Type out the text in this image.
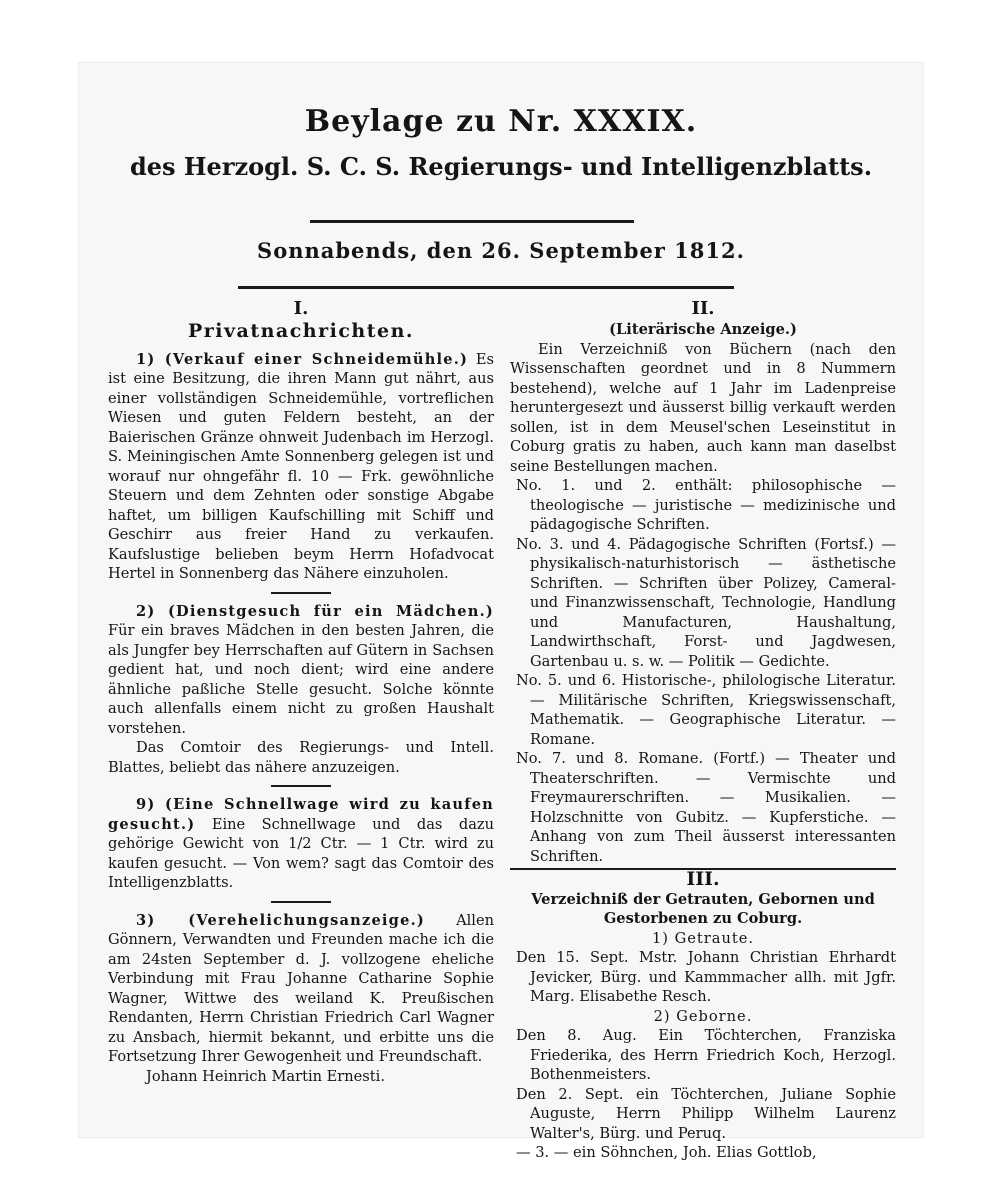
Beylage zu Nr. XXXIX.
des Herzogl. S. C. S. Regierungs- und Intelligenzblatts.
Sonnabends, den 26. September 1812.
I.
Privatnachrichten.

1) (Verkauf einer Schneidemühle.) Es ist eine Besitzung, die ihren Mann gut nährt, aus einer vollständigen Schneidemühle, vortreflichen Wiesen und guten Feldern besteht, an der Baierischen Gränze ohnweit Judenbach im Herzogl. S. Meiningischen Amte Sonnenberg gelegen ist und worauf nur ohngefähr fl. 10 — Frk. gewöhnliche Steuern und dem Zehnten oder sonstige Abgabe haftet, um billigen Kaufschilling mit Schiff und Geschirr aus freier Hand zu verkaufen. Kaufslustige belieben beym Herrn Hofadvocat Hertel in Sonnenberg das Nähere einzuholen.

2) (Dienstgesuch für ein Mädchen.) Für ein braves Mädchen in den besten Jahren, die als Jungfer bey Herrschaften auf Gütern in Sachsen gedient hat, und noch dient; wird eine andere ähnliche paßliche Stelle gesucht. Solche könnte auch allenfalls einem nicht zu großen Haushalt vorstehen.

Das Comtoir des Regierungs- und Intell. Blattes, beliebt das nähere anzuzeigen.

9) (Eine Schnellwage wird zu kaufen gesucht.) Eine Schnellwage und das dazu gehörige Gewicht von 1/2 Ctr. — 1 Ctr. wird zu kaufen gesucht. — Von wem? sagt das Comtoir des Intelligenzblatts.

3) (Verehelichungsanzeige.) Allen Gönnern, Verwandten und Freunden mache ich die am 24sten September d. J. vollzogene eheliche Verbindung mit Frau Johanne Catharine Sophie Wagner, Wittwe des weiland K. Preußischen Rendanten, Herrn Christian Friedrich Carl Wagner zu Ansbach, hiermit bekannt, und erbitte uns die Fortsetzung Ihrer Gewogenheit und Freundschaft.

Johann Heinrich Martin Ernesti.

II.
(Literärische Anzeige.)

Ein Verzeichniß von Büchern (nach den Wissenschaften geordnet und in 8 Nummern bestehend), welche auf 1 Jahr im Ladenpreise heruntergesezt und äusserst billig verkauft werden sollen, ist in dem Meusel'schen Leseinstitut in Coburg gratis zu haben, auch kann man daselbst seine Bestellungen machen.

No. 1. und 2. enthält: philosophische — theologische — juristische — medizinische und pädagogische Schriften.

No. 3. und 4. Pädagogische Schriften (Fortsf.) — physikalisch-naturhistorisch — ästhetische Schriften. — Schriften über Polizey, Cameral- und Finanzwissenschaft, Technologie, Handlung und Manufacturen, Haushaltung, Landwirthschaft, Forst- und Jagdwesen, Gartenbau u. s. w. — Politik — Gedichte.

No. 5. und 6. Historische-, philologische Literatur. — Militärische Schriften, Kriegswissenschaft, Mathematik. — Geographische Literatur. — Romane.

No. 7. und 8. Romane. (Fortf.) — Theater und Theaterschriften. — Vermischte und Freymaurerschriften. — Musikalien. — Holzschnitte von Gubitz. — Kupferstiche. — Anhang von zum Theil äusserst interessanten Schriften.

III.
Verzeichniß der Getrauten, Gebornen und Gestorbenen zu Coburg.
1) Getraute.

Den 15. Sept. Mstr. Johann Christian Ehrhardt Jevicker, Bürg. und Kammmacher allh. mit Jgfr. Marg. Elisabethe Resch.

2) Geborne.

Den 8. Aug. Ein Töchterchen, Franziska Friederika, des Herrn Friedrich Koch, Herzogl. Bothenmeisters.

Den 2. Sept. ein Töchterchen, Juliane Sophie Auguste, Herrn Philipp Wilhelm Laurenz Walter's, Bürg. und Peruq.

— 3. — ein Söhnchen, Joh. Elias Gottlob,
